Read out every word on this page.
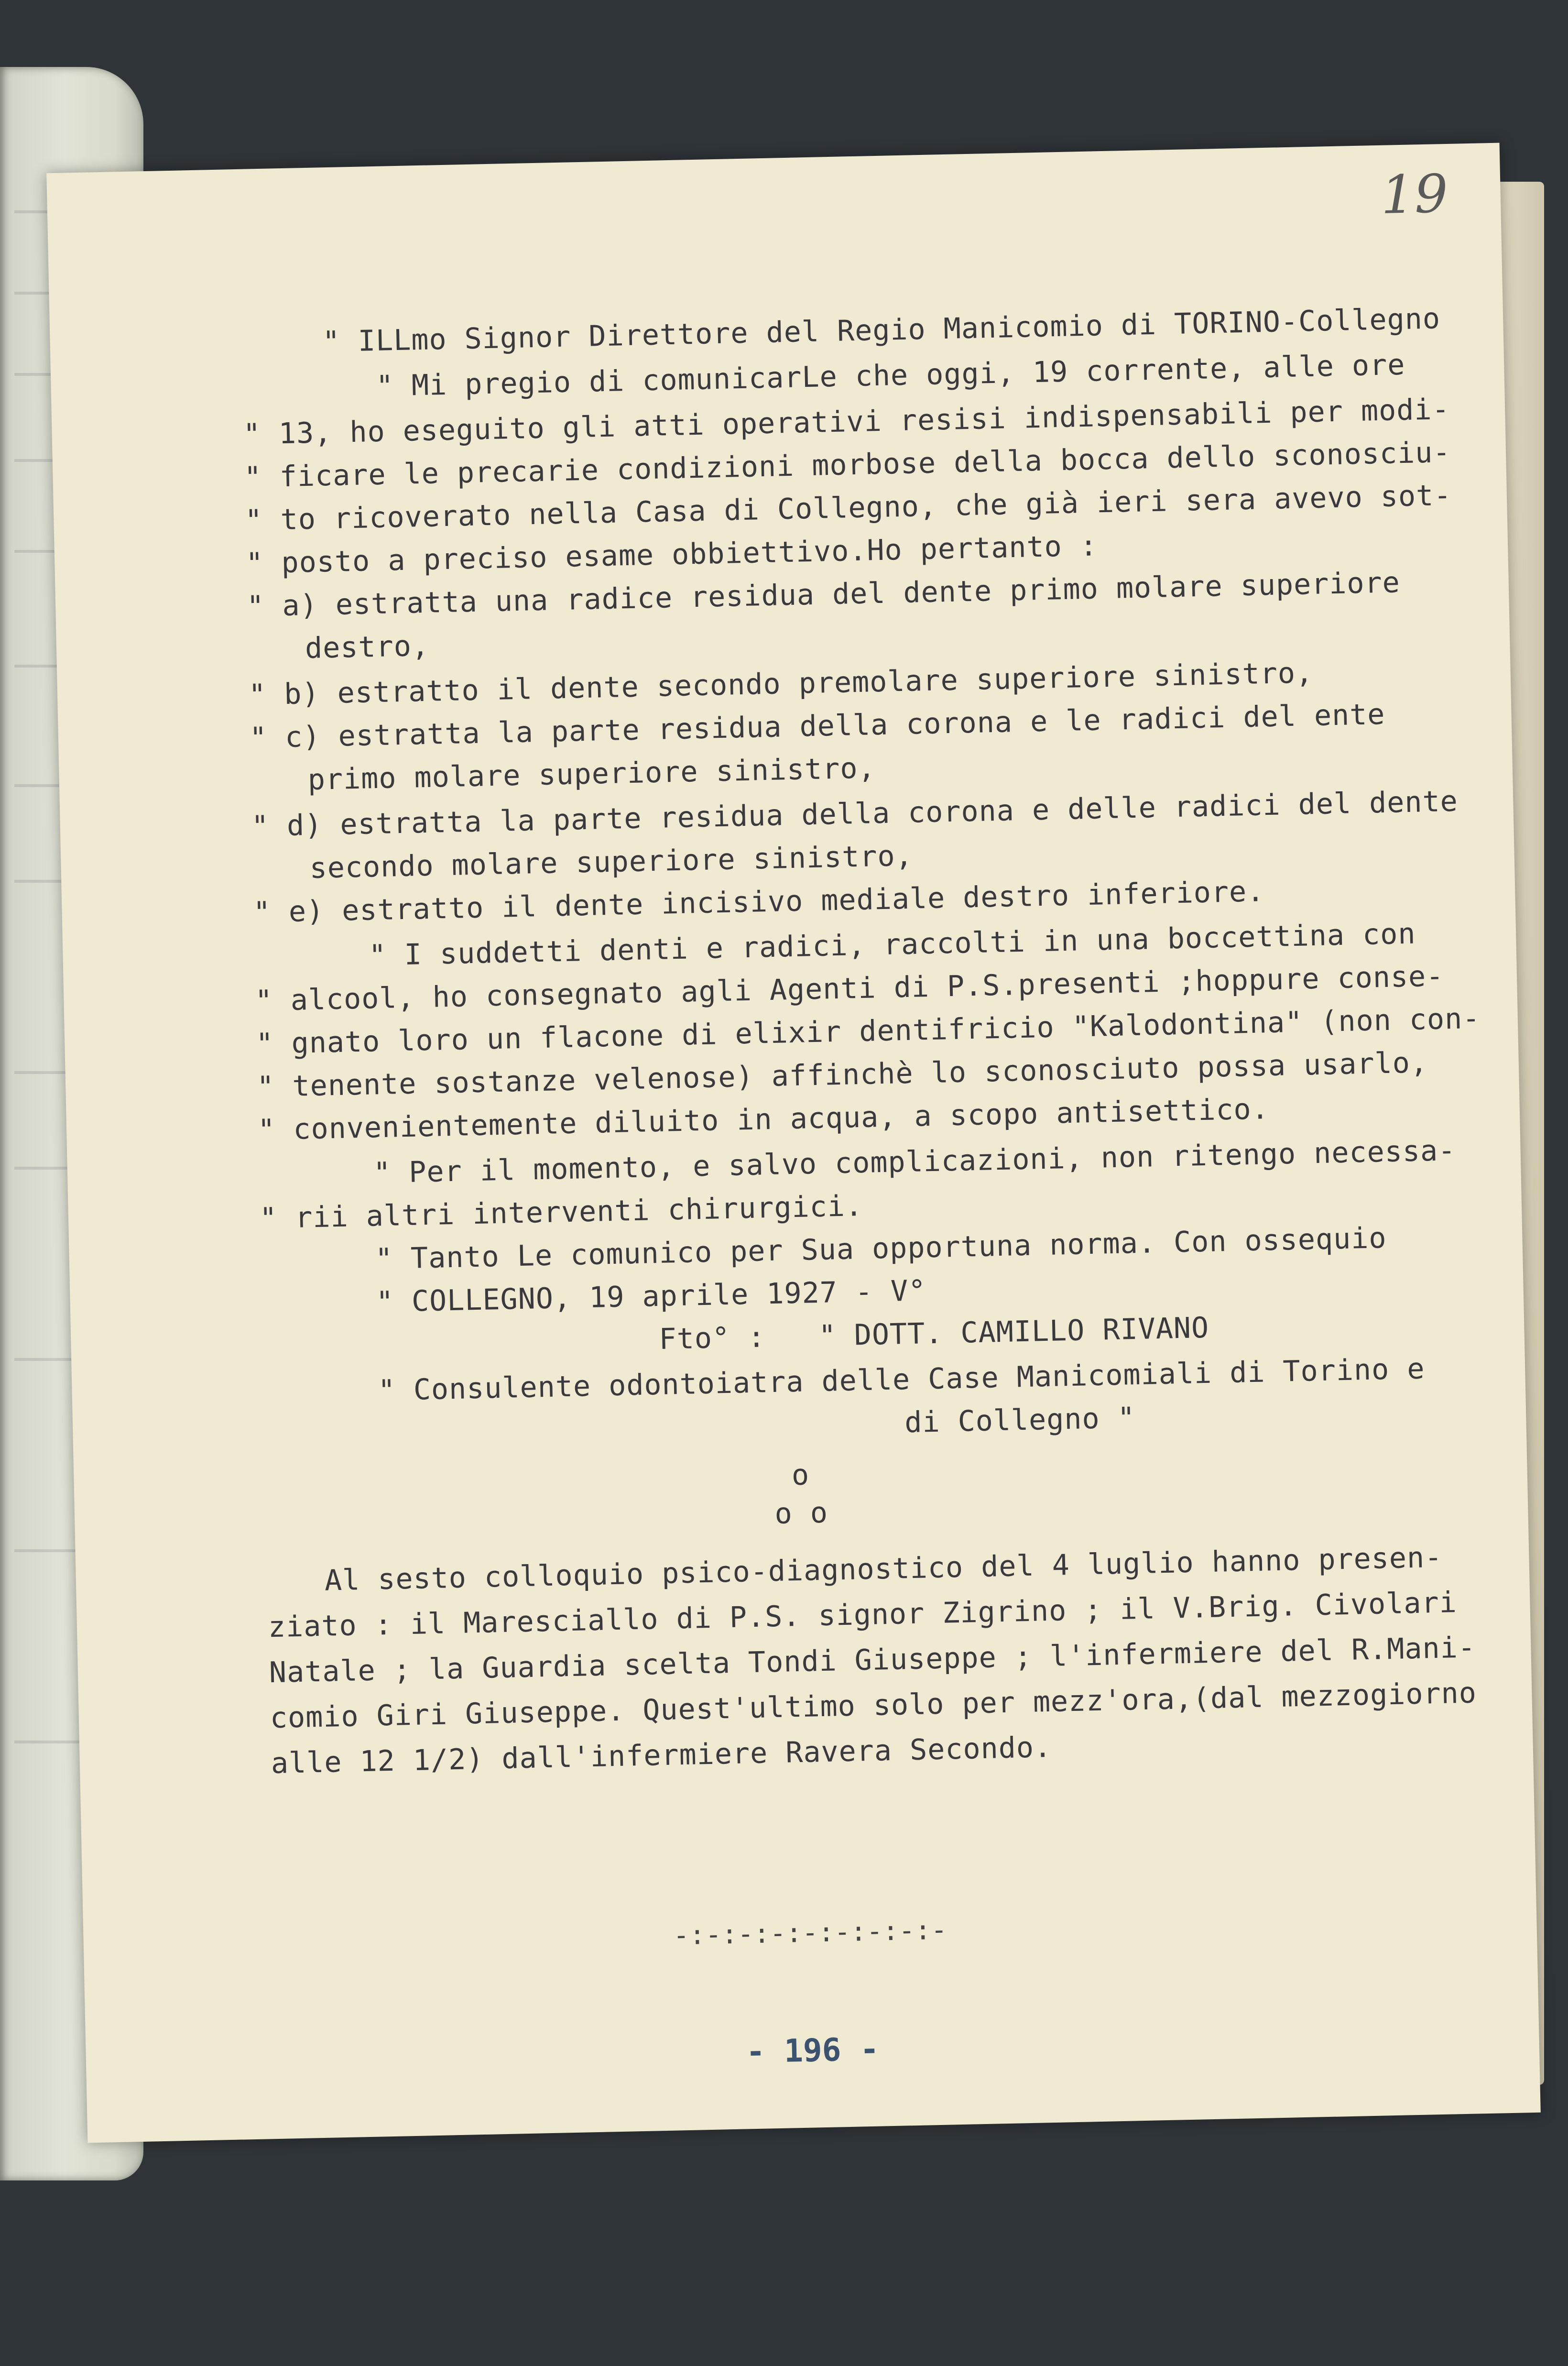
19
" ILLmo Signor Direttore del Regio Manicomio di TORINO-Collegno
" Mi pregio di comunicarLe che oggi, 19 corrente, alle ore
" 13, ho eseguito gli atti operativi resisi indispensabili per modi-
" ficare le precarie condizioni morbose della bocca dello sconosciu-
" to ricoverato nella Casa di Collegno, che già ieri sera avevo sot-
" posto a preciso esame obbiettivo.Ho pertanto :
" a) estratta una radice residua del dente primo molare superiore
destro,
" b) estratto il dente secondo premolare superiore sinistro,
" c) estratta la parte residua della corona e le radici del ente
primo molare superiore sinistro,
" d) estratta la parte residua della corona e delle radici del dente
secondo molare superiore sinistro,
" e) estratto il dente incisivo mediale destro inferiore.
" I suddetti denti e radici, raccolti in una boccettina con
" alcool, ho consegnato agli Agenti di P.S.presenti ;hoppure conse-
" gnato loro un flacone di elixir dentifricio "Kalodontina" (non con-
" tenente sostanze velenose) affinchè lo sconosciuto possa usarlo,
" convenientemente diluito in acqua, a scopo antisettico.
" Per il momento, e salvo complicazioni, non ritengo necessa-
" rii altri interventi chirurgici.
" Tanto Le comunico per Sua opportuna norma. Con ossequio
" COLLEGNO, 19 aprile 1927 - V°
Fto° :   " DOTT. CAMILLO RIVANO
" Consulente odontoiatra delle Case Manicomiali di Torino e
di Collegno "
o
o o
Al sesto colloquio psico-diagnostico del 4 luglio hanno presen-
ziato : il Maresciallo di P.S. signor Zigrino ; il V.Brig. Civolari
Natale ; la Guardia scelta Tondi Giuseppe ; l'infermiere del R.Mani-
comio Giri Giuseppe. Quest'ultimo solo per mezz'ora,(dal mezzogiorno
alle 12 1/2) dall'infermiere Ravera Secondo.
-:-:-:-:-:-:-:-:-
- 196 -
